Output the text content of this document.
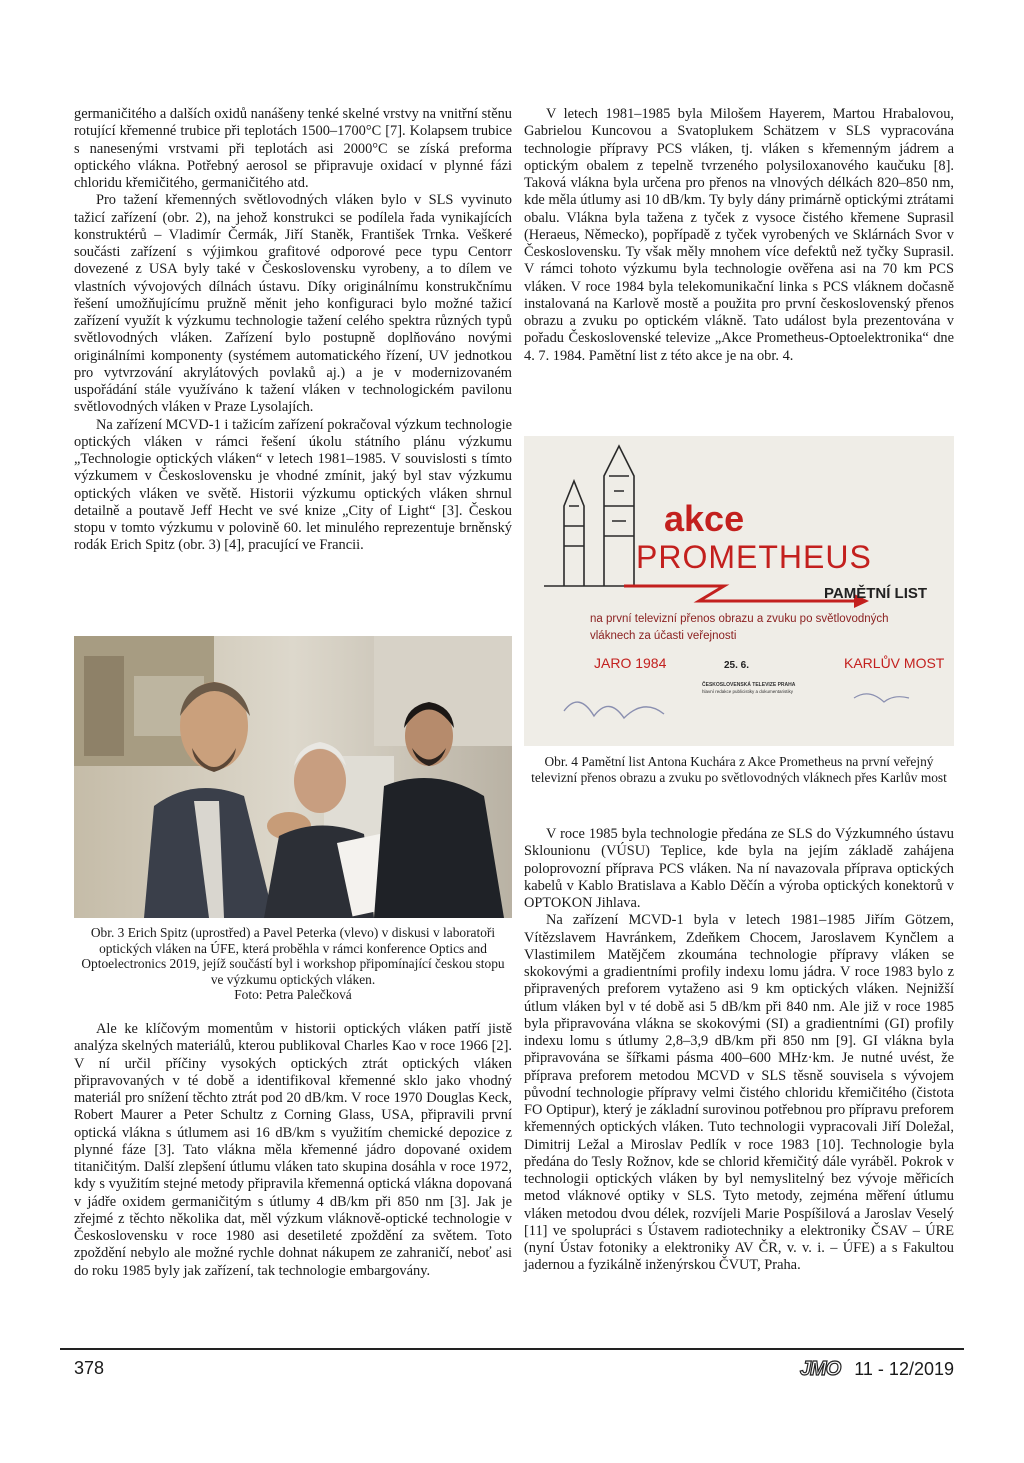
germaničitého a dalších oxidů nanášeny tenké skelné vrstvy na vnitřní stěnu rotující křemenné trubice při teplotách 1500–1700°C [7]. Kolapsem trubice s nanesenými vrstvami při teplotách asi 2000°C se získá preforma optického vlákna. Potřebný aerosol se připravuje oxidací v plynné fázi chloridu křemičitého, germaničitého atd.

Pro tažení křemenných světlovodných vláken bylo v SLS vyvinuto tažicí zařízení (obr. 2), na jehož konstrukci se podílela řada vynikajících konstruktérů – Vladimír Čermák, Jiří Staněk, František Trnka. Veškeré součásti zařízení s výjimkou grafitové odporové pece typu Centorr dovezené z USA byly také v Československu vyrobeny, a to dílem ve vlastních vývojových dílnách ústavu. Díky originálnímu konstrukčnímu řešení umožňujícímu pružně měnit jeho konfiguraci bylo možné tažicí zařízení využít k výzkumu technologie tažení celého spektra různých typů světlovodných vláken. Zařízení bylo postupně doplňováno novými originálními komponenty (systémem automatického řízení, UV jednotkou pro vytvrzování akrylátových povlaků aj.) a je v modernizovaném uspořádání stále využíváno k tažení vláken v technologickém pavilonu světlovodných vláken v Praze Lysolajích.

Na zařízení MCVD-1 i tažicím zařízení pokračoval výzkum technologie optických vláken v rámci řešení úkolu státního plánu výzkumu „Technologie optických vláken“ v letech 1981–1985. V souvislosti s tímto výzkumem v Československu je vhodné zmínit, jaký byl stav výzkumu optických vláken ve světě. Historii výzkumu optických vláken shrnul detailně a poutavě Jeff Hecht ve své knize „City of Light“ [3]. Českou stopu v tomto výzkumu v polovině 60. let minulého reprezentuje brněnský rodák Erich Spitz (obr. 3) [4], pracující ve Francii.

Obr. 3 Erich Spitz (uprostřed) a Pavel Peterka (vlevo) v diskusi v laboratoři optických vláken na ÚFE, která proběhla v rámci konference Optics and Optoelectronics 2019, jejíž součástí byl i workshop připomínající českou stopu ve výzkumu optických vláken.
Foto: Petra Palečková

Ale ke klíčovým momentům v historii optických vláken patří jistě analýza skelných materiálů, kterou publikoval Charles Kao v roce 1966 [2]. V ní určil příčiny vysokých optických ztrát optických vláken připravovaných v té době a identifikoval křemenné sklo jako vhodný materiál pro snížení těchto ztrát pod 20 dB/km. V roce 1970 Douglas Keck, Robert Maurer a Peter Schultz z Corning Glass, USA, připravili první optická vlákna s útlumem asi 16 dB/km s využitím chemické depozice z plynné fáze [3]. Tato vlákna měla křemenné jádro dopované oxidem titaničitým. Další zlepšení útlumu vláken tato skupina dosáhla v roce 1972, kdy s využitím stejné metody připravila křemenná optická vlákna dopovaná v jádře oxidem germaničitým s útlumy 4 dB/km při 850 nm [3]. Jak je zřejmé z těchto několika dat, měl výzkum vláknově-optické technologie v Československu v roce 1980 asi desetileté zpoždění za světem. Toto zpoždění nebylo ale možné rychle dohnat nákupem ze zahraničí, neboť asi do roku 1985 byly jak zařízení, tak technologie embargovány.

V letech 1981–1985 byla Milošem Hayerem, Martou Hrabalovou, Gabrielou Kuncovou a Svatoplukem Schätzem v SLS vypracována technologie přípravy PCS vláken, tj. vláken s křemenným jádrem a optickým obalem z tepelně tvrzeného polysiloxanového kaučuku [8]. Taková vlákna byla určena pro přenos na vlnových délkách 820–850 nm, kde měla útlumy asi 10 dB/km. Ty byly dány primárně optickými ztrátami obalu. Vlákna byla tažena z tyček z vysoce čistého křemene Suprasil (Heraeus, Německo), popřípadě z tyček vyrobených ve Sklárnách Svor v Československu. Ty však měly mnohem více defektů než tyčky Suprasil. V rámci tohoto výzkumu byla technologie ověřena asi na 70 km PCS vláken. V roce 1984 byla telekomunikační linka s PCS vláknem dočasně instalovaná na Karlově mostě a použita pro první československý přenos obrazu a zvuku po optickém vlákně. Tato událost byla prezentována v pořadu Československé televize „Akce Prometheus-Optoelektronika“ dne 4. 7. 1984. Pamětní list z této akce je na obr. 4.

akce
PROMETHEUS
PAMĚTNÍ LIST
na první televizní přenos obrazu a zvuku po světlovodných
vláknech za účasti veřejnosti
JARO 1984	25. 6.	KARLŮV MOST
ČESKOSLOVENSKÁ TELEVIZE PRAHA
hlavní redakce publicistiky a dokumentaristiky
Obr. 4 Pamětní list Antona Kuchára z Akce Prometheus na první veřejný televizní přenos obrazu a zvuku po světlovodných vláknech přes Karlův most

V roce 1985 byla technologie předána ze SLS do Výzkumného ústavu Sklounionu (VÚSU) Teplice, kde byla na jejím základě zahájena poloprovozní příprava PCS vláken. Na ní navazovala příprava optických kabelů v Kablo Bratislava a Kablo Děčín a výroba optických konektorů v OPTOKON Jihlava.

Na zařízení MCVD-1 byla v letech 1981–1985 Jiřím Götzem, Vítězslavem Havránkem, Zdeňkem Chocem, Jaroslavem Kynčlem a Vlastimilem Matějčem zkoumána technologie přípravy vláken se skokovými a gradientními profily indexu lomu jádra. V roce 1983 bylo z připravených preforem vytaženo asi 9 km optických vláken. Nejnižší útlum vláken byl v té době asi 5 dB/km při 840 nm. Ale již v roce 1985 byla připravována vlákna se skokovými (SI) a gradientními (GI) profily indexu lomu s útlumy 2,8–3,9 dB/km při 850 nm [9]. GI vlákna byla připravována se šířkami pásma 400–600 MHz·km. Je nutné uvést, že příprava preforem metodou MCVD v SLS těsně souvisela s vývojem původní technologie přípravy velmi čistého chloridu křemičitého (čistota FO Optipur), který je základní surovinou potřebnou pro přípravu preforem křemenných optických vláken. Tuto technologii vypracovali Jiří Doležal, Dimitrij Ležal a Miroslav Pedlík v roce 1983 [10]. Technologie byla předána do Tesly Rožnov, kde se chlorid křemičitý dále vyráběl. Pokrok v technologii optických vláken by byl nemyslitelný bez vývoje měřicích metod vláknové optiky v SLS. Tyto metody, zejména měření útlumu vláken metodou dvou délek, rozvíjeli Marie Pospíšilová a Jaroslav Veselý [11] ve spolupráci s Ústavem radiotechniky a elektroniky ČSAV – ÚRE (nyní Ústav fotoniky a elektroniky AV ČR, v. v. i. – ÚFE) a s Fakultou jadernou a fyzikálně inženýrskou ČVUT, Praha.

378	JMO 11 - 12/2019
